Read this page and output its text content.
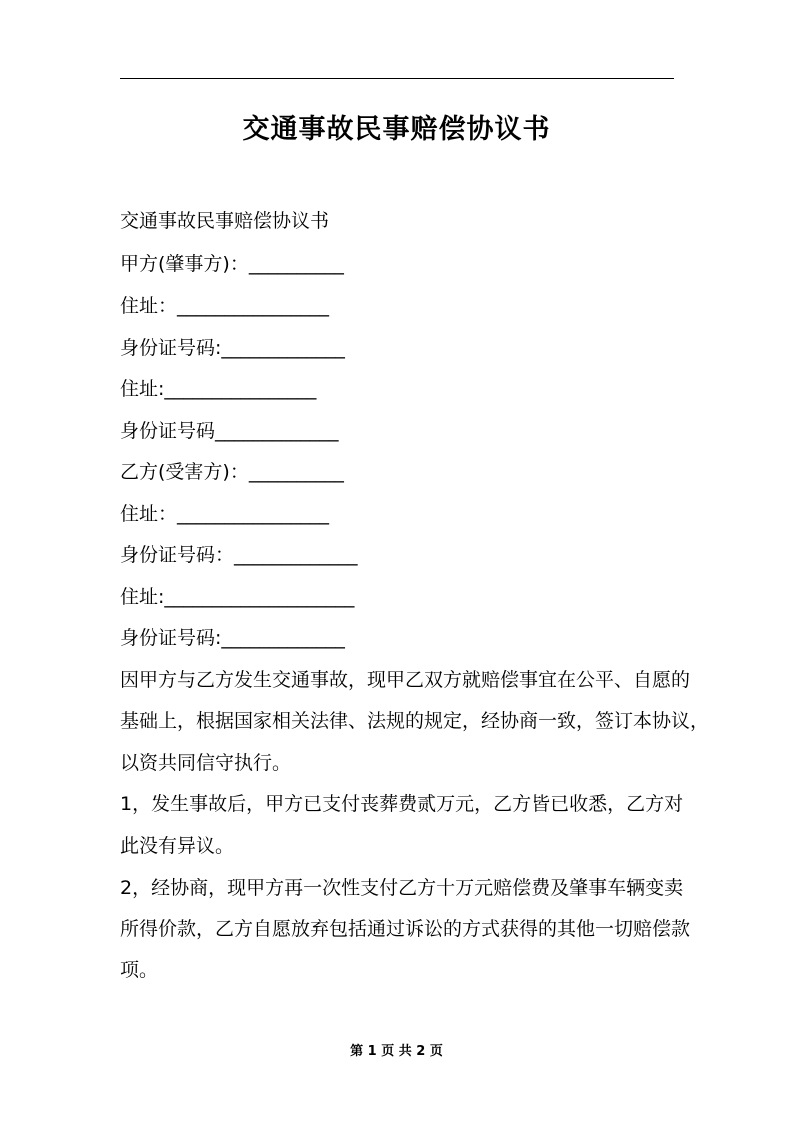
交通事故民事赔偿协议书
交通事故民事赔偿协议书
甲方(肇事方)：__________
住址：________________
身份证号码:_____________
住址:________________
身份证号码_____________
乙方(受害方)：__________
住址：________________
身份证号码：_____________
住址:____________________
身份证号码:_____________
因甲方与乙方发生交通事故，现甲乙双方就赔偿事宜在公平、自愿的
基础上，根据国家相关法律、法规的规定，经协商一致，签订本协议，
以资共同信守执行。
1，发生事故后，甲方已支付丧葬费贰万元，乙方皆已收悉，乙方对
此没有异议。
2，经协商，现甲方再一次性支付乙方十万元赔偿费及肇事车辆变卖
所得价款，乙方自愿放弃包括通过诉讼的方式获得的其他一切赔偿款
项。
第 1 页 共 2 页
